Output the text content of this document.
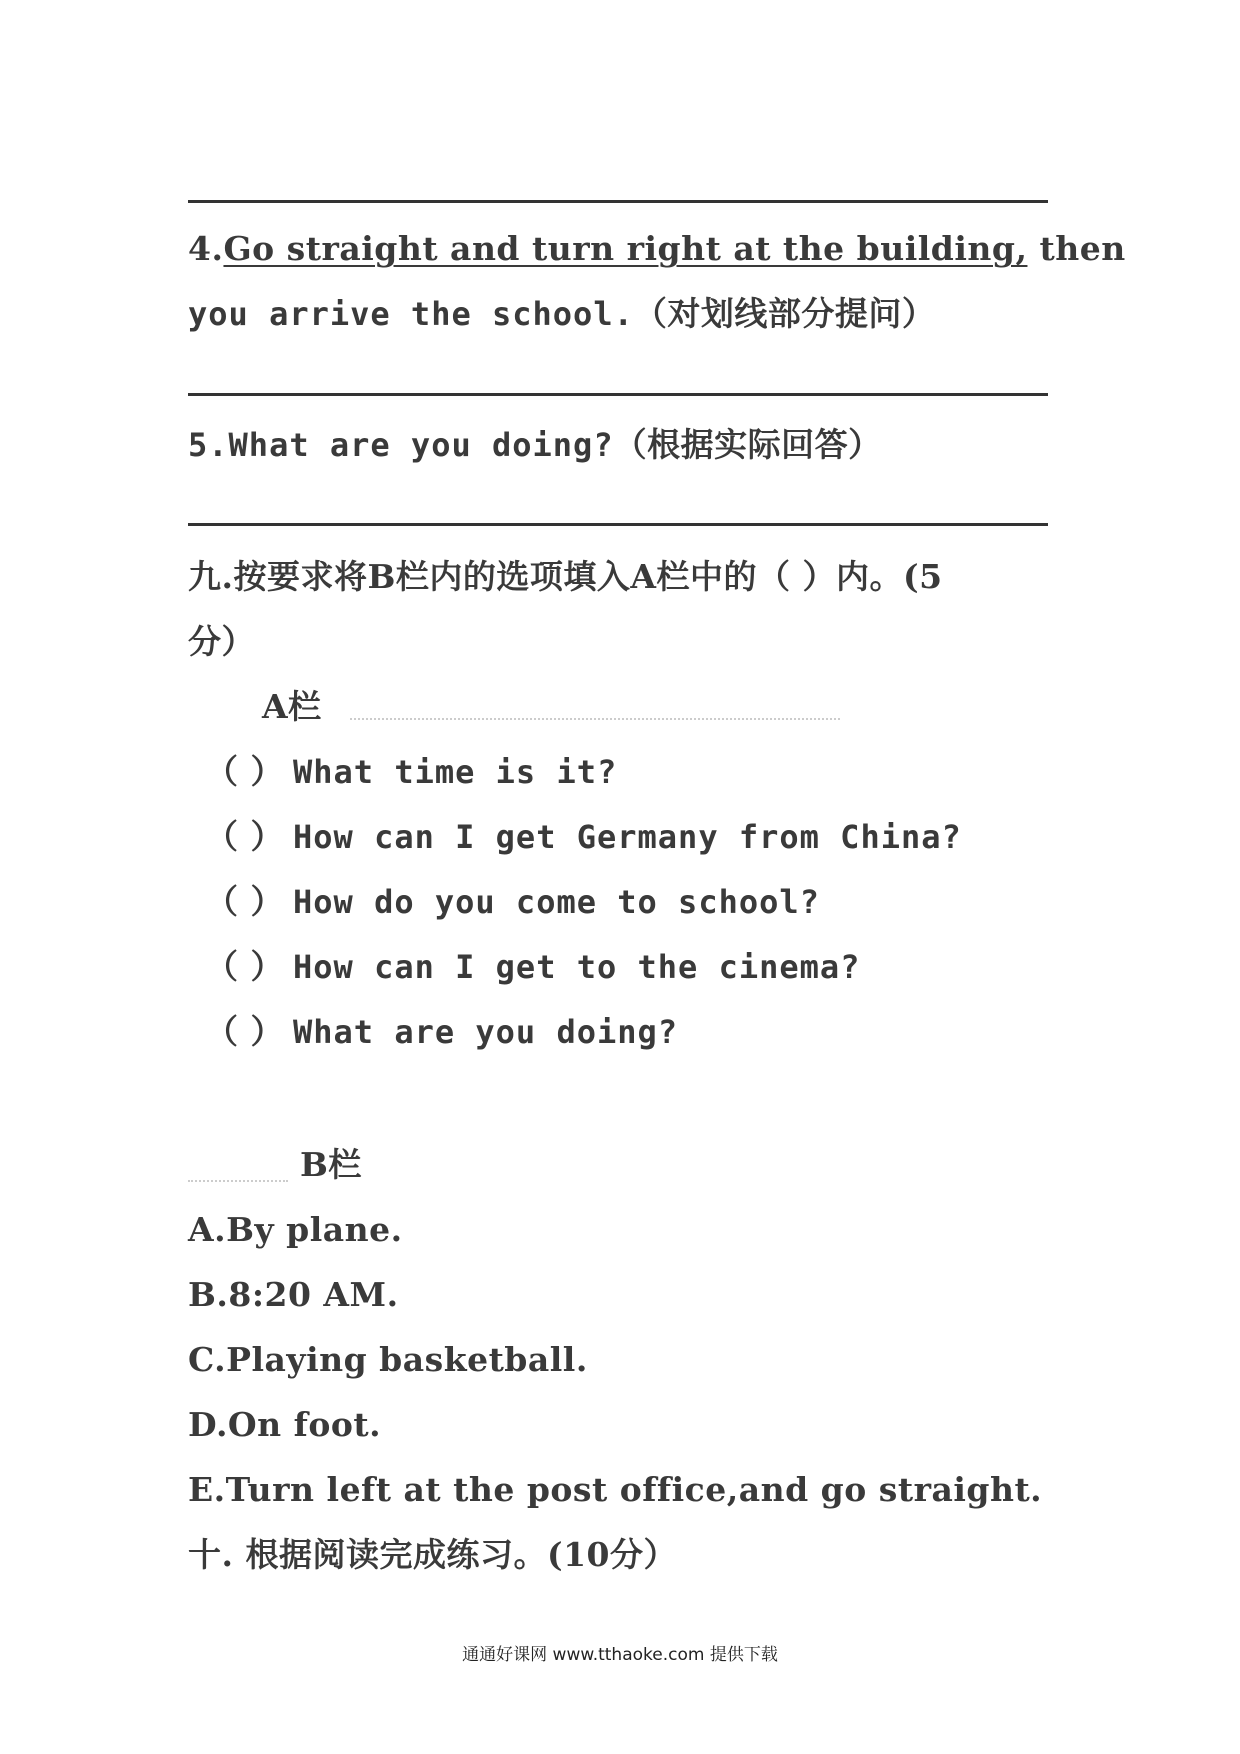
4.Go straight and turn right at the building, then
you arrive the school.（对划线部分提问）
5.What are you doing?（根据实际回答）
九.按要求将B栏内的选项填入A栏中的（ ）内。(5
分）
A栏
（ ） What time is it?
（ ） How can I get Germany from China?
（ ） How do you come to school?
（ ） How can I get to the cinema?
（ ） What are you doing?
B栏
A.By plane.
B.8:20 AM.
C.Playing basketball.
D.On foot.
E.Turn left at the post office,and go straight.
十. 根据阅读完成练习。(10分）
通通好课网 www.tthaoke.com 提供下载
